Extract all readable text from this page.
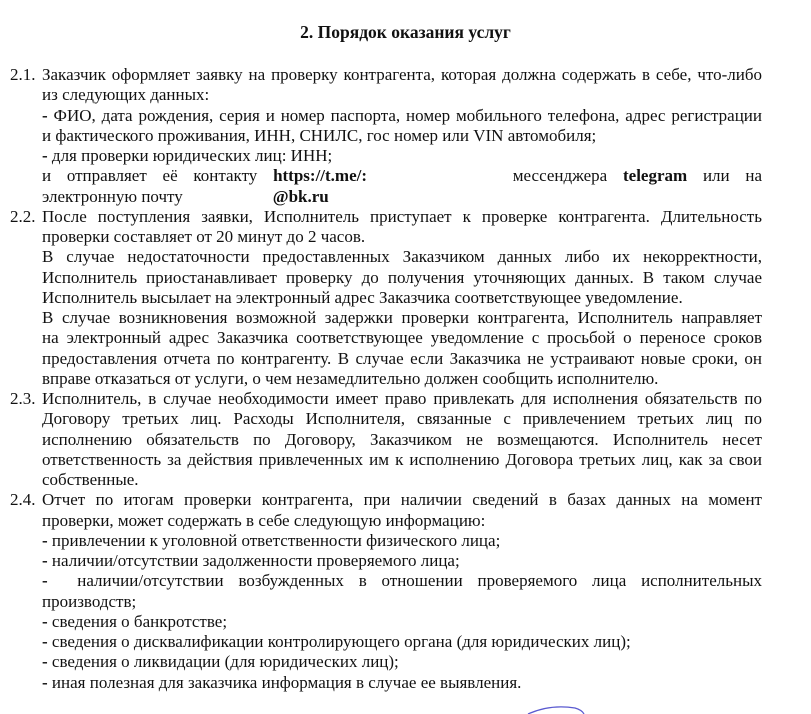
2. Порядок оказания услуг
2.1. Заказчик оформляет заявку на проверку контрагента, которая должна содержать в себе, что-либо
из следующих данных:
- ФИО, дата рождения, серия и номер паспорта, номер мобильного телефона, адрес регистрации
и фактического проживания, ИНН, СНИЛС, гос номер или VIN автомобиля;
- для проверки юридических лиц: ИНН;
и отправляет её контакту https://t.me/:	мессенджера telegram или на
электронную почту	@bk.ru
2.2. После поступления заявки, Исполнитель приступает к проверке контрагента. Длительность
проверки составляет от 20 минут до 2 часов.
В случае недостаточности предоставленных Заказчиком данных либо их некорректности,
Исполнитель приостанавливает проверку до получения уточняющих данных. В таком случае
Исполнитель высылает на электронный адрес Заказчика соответствующее уведомление.
В случае возникновения возможной задержки проверки контрагента, Исполнитель направляет
на электронный адрес Заказчика соответствующее уведомление с просьбой о переносе сроков
предоставления отчета по контрагенту. В случае если Заказчика не устраивают новые сроки, он
вправе отказаться от услуги, о чем незамедлительно должен сообщить исполнителю.
2.3. Исполнитель, в случае необходимости имеет право привлекать для исполнения обязательств по
Договору третьих лиц. Расходы Исполнителя, связанные с привлечением третьих лиц по
исполнению обязательств по Договору, Заказчиком не возмещаются. Исполнитель несет
ответственность за действия привлеченных им к исполнению Договора третьих лиц, как за свои
собственные.
2.4. Отчет по итогам проверки контрагента, при наличии сведений в базах данных на момент
проверки, может содержать в себе следующую информацию:
- привлечении к уголовной ответственности физического лица;
- наличии/отсутствии задолженности проверяемого лица;
-  наличии/отсутствии возбужденных в отношении проверяемого лица исполнительных
производств;
- сведения о банкротстве;
- сведения о дисквалификации контролирующего органа (для юридических лиц);
- сведения о ликвидации (для юридических лиц);
- иная полезная для заказчика информация в случае ее выявления.
